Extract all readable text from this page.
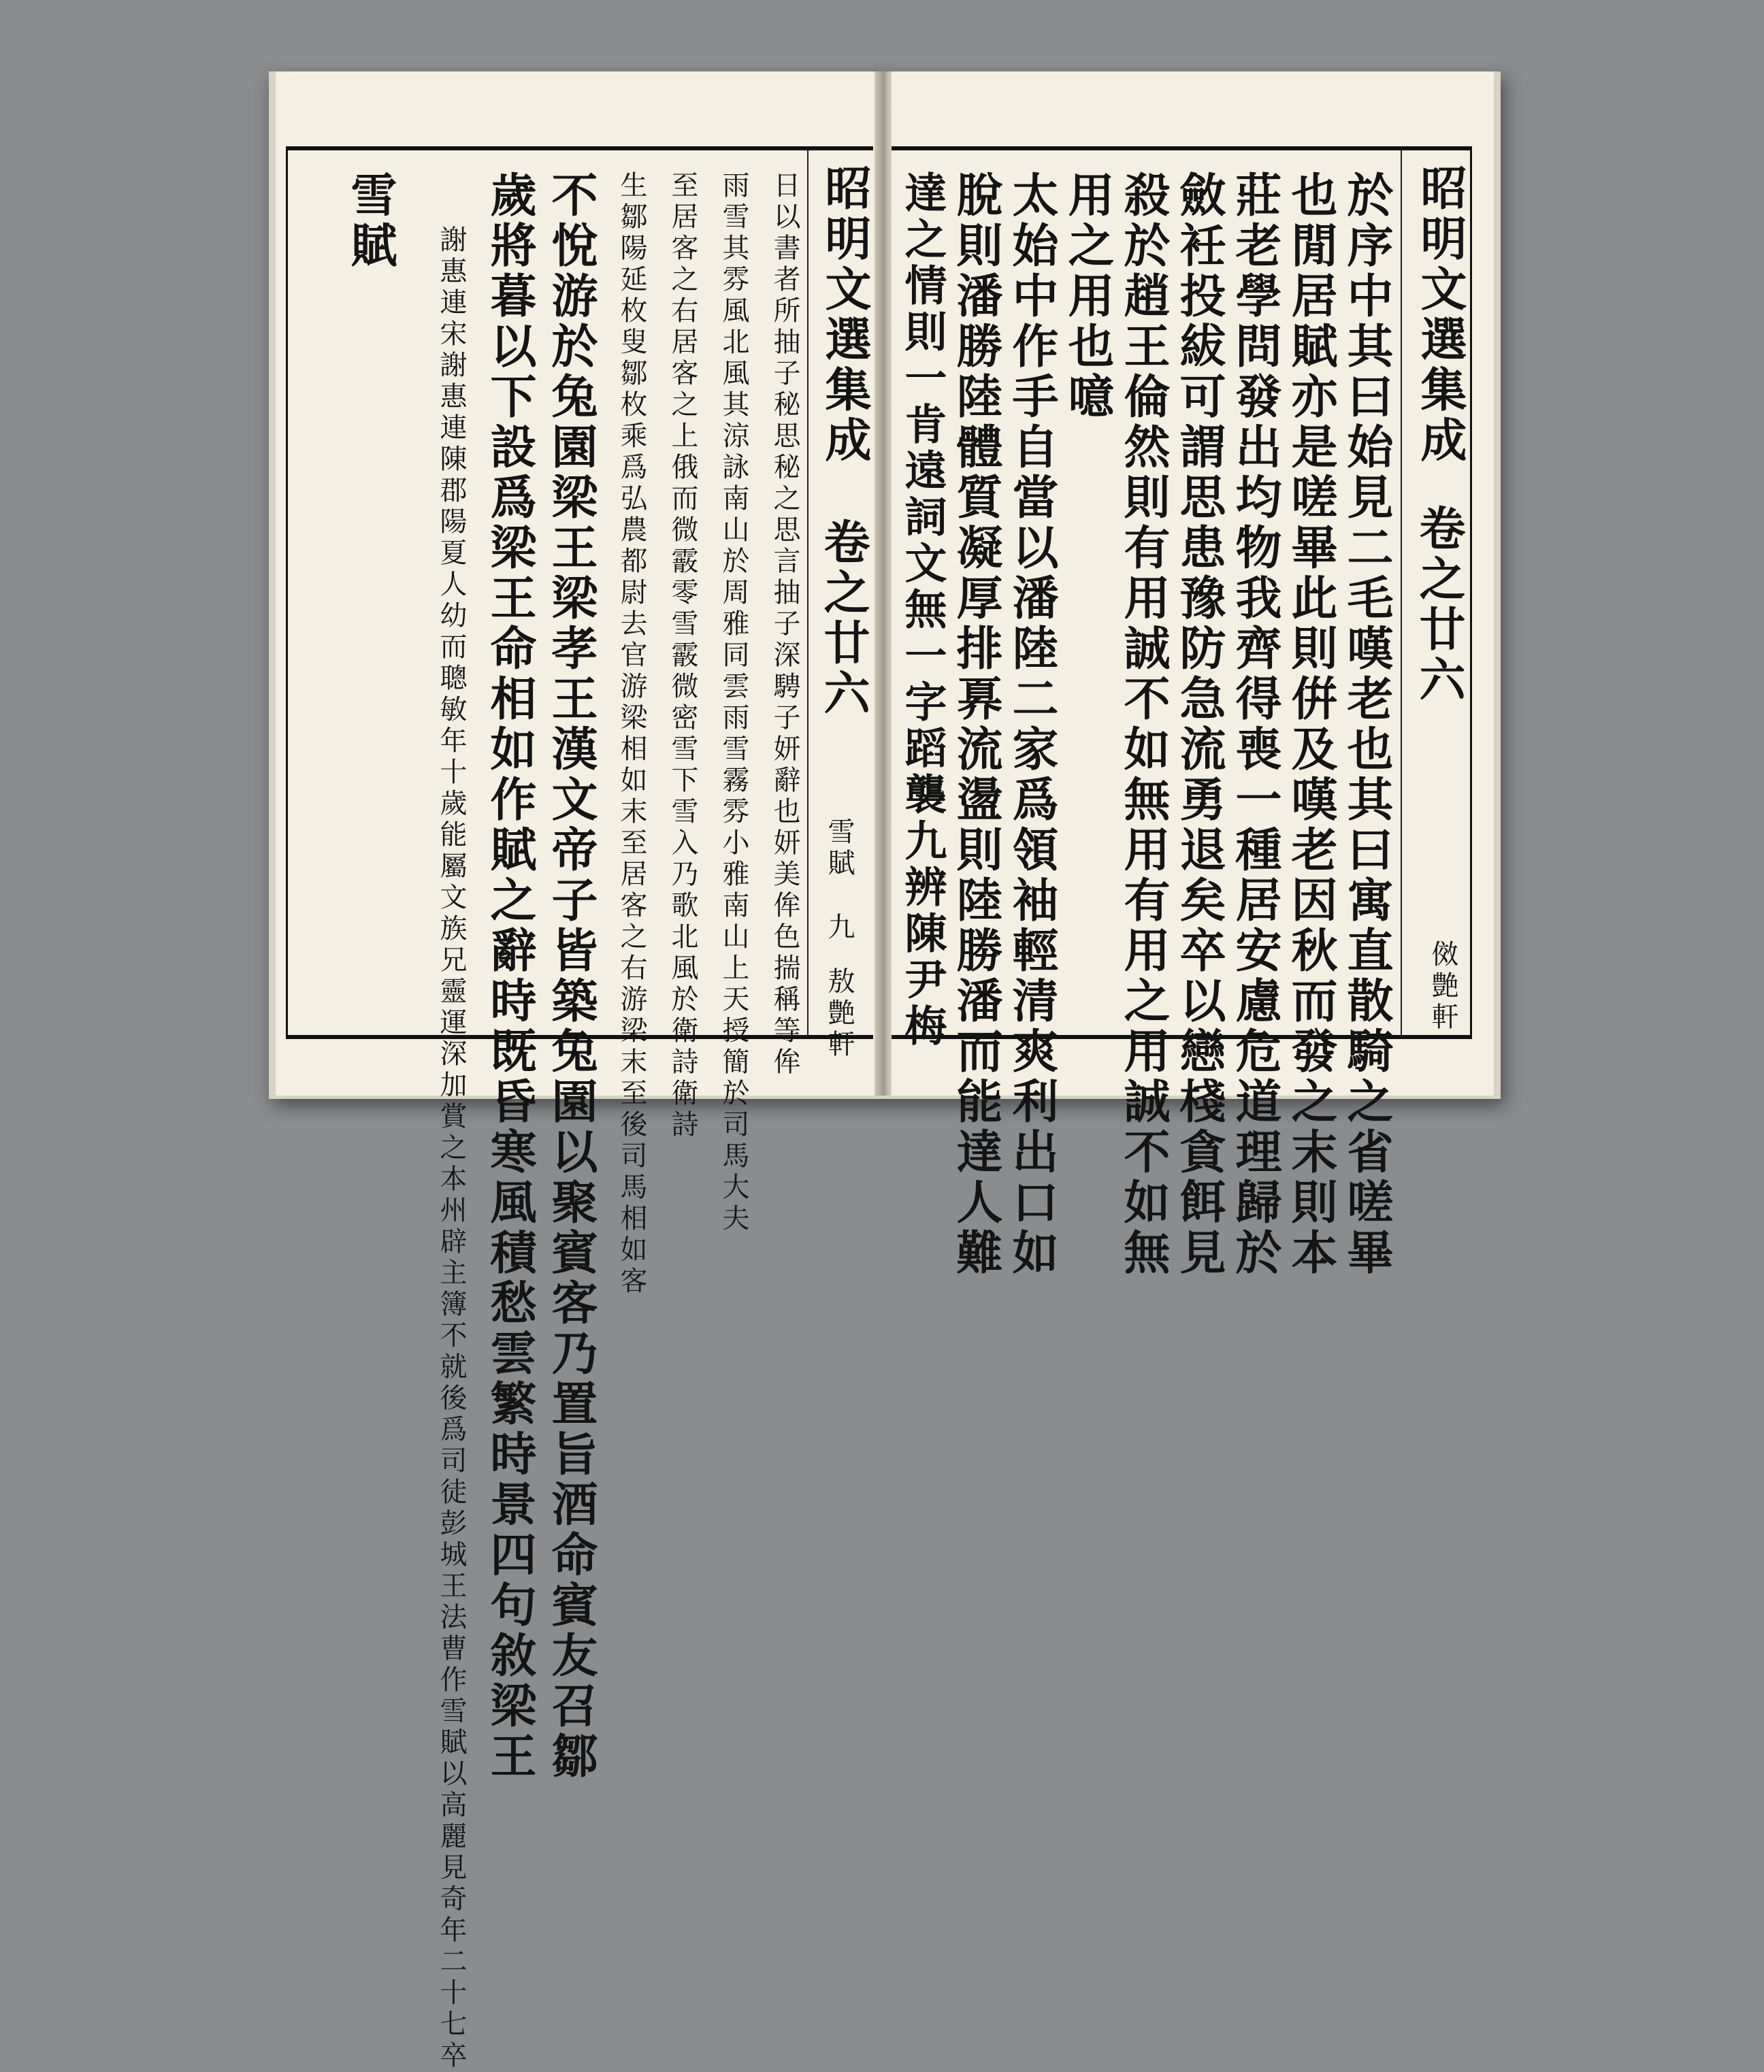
昭明文選集成
卷之廿六
雪賦
九
敖艶軒
日以書者所抽子秘思秘之思言抽子深騁子妍辭也妍美侔色揣稱等侔
雨雪其雰風北風其涼詠南山於周雅同雲雨雪霧雰小雅南山上天授簡於司馬大夫
至居客之右居客之上俄而微霰零雪霰微密雪下雪入乃歌北風於衛詩衛詩
生鄒陽延枚叟鄒枚乘爲弘農都尉去官游梁相如末至居客之右游梁末至後司馬相如客
不悅游於兔園梁王梁孝王漢文帝子皆築兔園以聚賓客乃置旨酒命賓友召鄒
歲將暮以下設爲梁王命相如作賦之辭時既昏寒風積愁雲繁時景四句敘梁王
謝惠連宋謝惠連陳郡陽夏人幼而聰敏年十歲能屬文族兄靈運深加賞之本州辟主簿不就後爲司徒彭城王法曹作雪賦以高麗見奇年二十七卒
雪賦	昭明文選集成
卷之廿六
傚艶軒
於序中其曰始見二毛嘆老也其曰寓直散騎之省嗟畢
也閒居賦亦是嗟畢此則倂及嘆老因秋而發之末則本
莊老學問發出均物我齊得喪一種居安慮危道理歸於
斂衽投紱可謂思患豫防急流勇退矣卒以戀棧貪餌見
殺於趙王倫然則有用誠不如無用有用之用誠不如無
用之用也噫
太始中作手自當以潘陸二家爲領袖輕清爽利出口如
脫則潘勝陸體質凝厚排奡流盪則陸勝潘而能達人難
達之情則一肯遠詞文無一字蹈襲九辨陳尹梅
